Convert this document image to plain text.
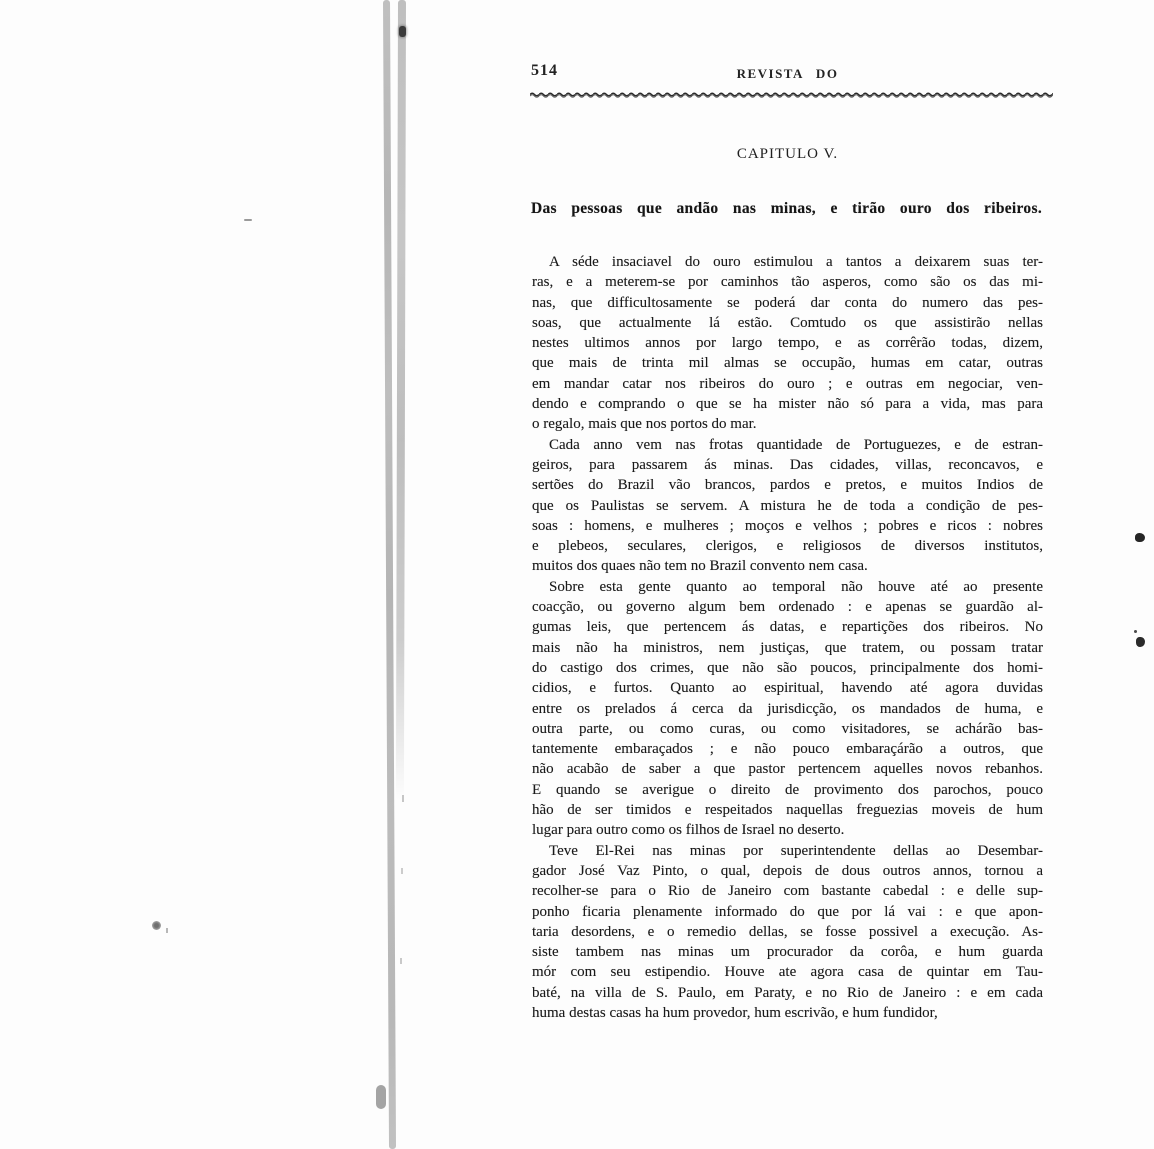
514	REVISTA DO
CAPITULO V.
Das pessoas que andão nas minas, e tirão ouro dos ribeiros.
A séde insaciavel do ouro estimulou a tantos a deixarem suas ter-
ras, e a meterem-se por caminhos tão asperos, como são os das mi-
nas, que difficultosamente se poderá dar conta do numero das pes-
soas, que actualmente lá estão. Comtudo os que assistirão nellas
nestes ultimos annos por largo tempo, e as corrêrão todas, dizem,
que mais de trinta mil almas se occupão, humas em catar, outras
em mandar catar nos ribeiros do ouro ; e outras em negociar, ven-
dendo e comprando o que se ha mister não só para a vida, mas para
o regalo, mais que nos portos do mar.
Cada anno vem nas frotas quantidade de Portuguezes, e de estran-
geiros, para passarem ás minas. Das cidades, villas, reconcavos, e
sertões do Brazil vão brancos, pardos e pretos, e muitos Indios de
que os Paulistas se servem. A mistura he de toda a condição de pes-
soas : homens, e mulheres ; moços e velhos ; pobres e ricos : nobres
e plebeos, seculares, clerigos, e religiosos de diversos institutos,
muitos dos quaes não tem no Brazil convento nem casa.
Sobre esta gente quanto ao temporal não houve até ao presente
coacção, ou governo algum bem ordenado : e apenas se guardão al-
gumas leis, que pertencem ás datas, e repartições dos ribeiros. No
mais não ha ministros, nem justiças, que tratem, ou possam tratar
do castigo dos crimes, que não são poucos, principalmente dos homi-
cidios, e furtos. Quanto ao espiritual, havendo até agora duvidas
entre os prelados á cerca da jurisdicção, os mandados de huma, e
outra parte, ou como curas, ou como visitadores, se achárão bas-
tantemente embaraçados ; e não pouco embaraçárão a outros, que
não acabão de saber a que pastor pertencem aquelles novos rebanhos.
E quando se averigue o direito de provimento dos parochos, pouco
hão de ser timidos e respeitados naquellas freguezias moveis de hum
lugar para outro como os filhos de Israel no deserto.
Teve El-Rei nas minas por superintendente dellas ao Desembar-
gador José Vaz Pinto, o qual, depois de dous outros annos, tornou a
recolher-se para o Rio de Janeiro com bastante cabedal : e delle sup-
ponho ficaria plenamente informado do que por lá vai : e que apon-
taria desordens, e o remedio dellas, se fosse possivel a execução. As-
siste tambem nas minas um procurador da corôa, e hum guarda
mór com seu estipendio. Houve ate agora casa de quintar em Tau-
baté, na villa de S. Paulo, em Paraty, e no Rio de Janeiro : e em cada
huma destas casas ha hum provedor, hum escrivão, e hum fundidor,
